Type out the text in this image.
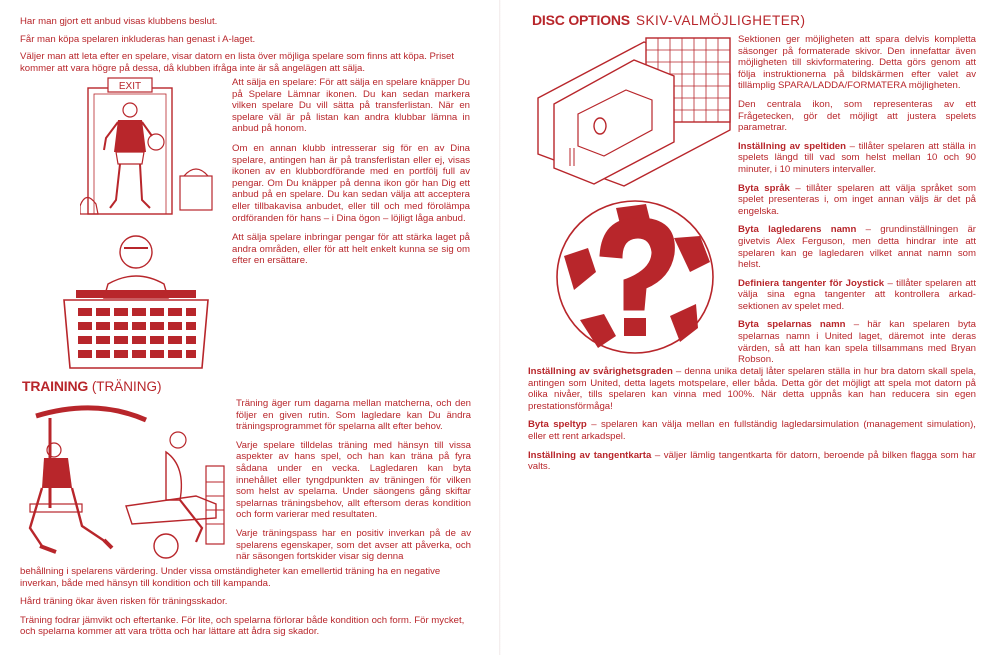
Har man gjort ett anbud visas klubbens beslut.

Får man köpa spelaren inkluderas han genast i A-laget.

Väljer man att leta efter en spelare, visar datorn en lista över möjliga spelare som finns att köpa. Priset kommer att vara högre på dessa, då klubben ifråga inte är så angelägen att sälja.

EXIT	Att sälja en spelare: För att sälja en spelare knäpper Du på Spelare Lämnar ikonen. Du kan sedan markera vilken spelare Du vill sätta på transferlistan. När en spelare väl är på listan kan andra klubbar lämna in anbud på honom.

Om en annan klubb intresserar sig för en av Dina spelare, antingen han är på transferlistan eller ej, visas ikonen av en klubbordförande med en portfölj full av pengar. Om Du knäpper på denna ikon gör han Dig ett anbud på en spelare. Du kan sedan välja att acceptera eller tillbakavisa anbudet, eller till och med förolämpa ordföranden för hans – i Dina ögon – löjligt låga anbud.

Att sälja spelare inbringar pengar för att stärka laget på andra områden, eller för att helt enkelt kunna se sig om efter en ersättare.

TRAINING (TRÄNING)

Träning äger rum dagarna mellan matcherna, och den följer en given rutin. Som lagledare kan Du ändra träningsprogrammet för spelarna allt efter behov.

Varje spelare tilldelas träning med hänsyn till vissa aspekter av hans spel, och han kan träna på fyra sådana under en vecka. Lagledaren kan byta innehållet eller tyngdpunkten av träningen för vilken som helst av spelarna. Under säongens gång skiftar spelarnas träningsbehov, allt eftersom deras kondition och form varierar med resultaten.

Varje träningspass har en positiv inverkan på de av spelarens egenskaper, som det avser att påverka, och när säsongen fortskider visar sig denna

behållning i spelarens värdering. Under vissa omständigheter kan emellertid träning ha en negative inverkan, både med hänsyn till kondition och till kampanda.

Hård träning ökar även risken för träningsskador.

Träning fodrar jämvikt och eftertanke. För lite, och spelarna förlorar både kondition och form. För mycket, och spelarna kommer att vara trötta och har lättare att ådra sig skador.

DISC OPTIONS SKIV-VALMÖJLIGHETER)

Sektionen ger möjligheten att spara delvis kompletta säsonger på formaterade skivor. Den innefattar även möjligheten till skivformatering. Detta görs genom att följa instruktionerna på bildskärmen efter valet av tillämplig SPARA/LADDA/FORMATERA möjligheten.

Den centrala ikon, som representeras av ett Frågetecken, gör det möjligt att justera spelets parametrar.

Inställning av speltiden – tillåter spelaren att ställa in spelets längd till vad som helst mellan 10 och 90 minuter, i 10 minuters intervaller.

Byta språk – tillåter spelaren att välja språket som spelet presenteras i, om inget annan väljs är det på engelska.

Byta lagledarens namn – grundinställningen är givetvis Alex Ferguson, men detta hindrar inte att spelaren kan ge lagledaren vilket annat namn som helst.

Definiera tangenter för Joystick – tillåter spelaren att välja sina egna tangenter att kontrollera arkad-sektionen av spelet med.

Byta spelarnas namn – här kan spelaren byta spelarnas namn i United laget, däremot inte deras värden, så att han kan spela tillsammans med Bryan Robson.

Inställning av svårighetsgraden – denna unika detalj låter spelaren ställa in hur bra datorn skall spela, antingen som United, detta lagets motspelare, eller båda. Detta gör det möjligt att spela mot datorn på olika nivåer, tills spelaren kan vinna med 100%. När detta uppnås kan han reducera sin egen prestationsförmåga!

Byta speltyp – spelaren kan välja mellan en fullständig lagledarsimulation (management simulation), eller ett rent arkadspel.

Inställning av tangentkarta – väljer lämlig tangentkarta för datorn, beroende på bilken flagga som har valts.
